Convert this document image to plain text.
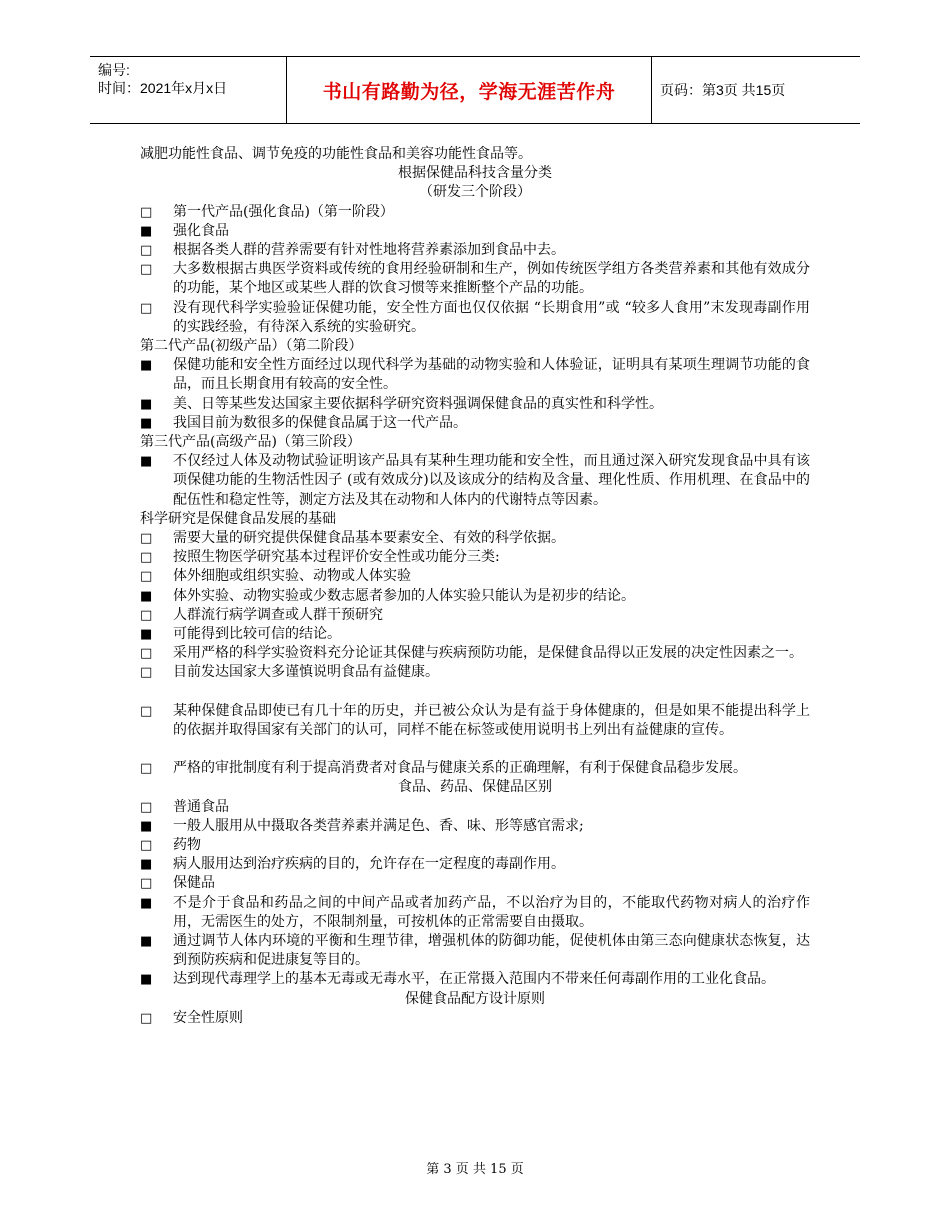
编号:
时间：2021年x月x日	书山有路勤为径，学海无涯苦作舟	页码：第3页 共15页
减肥功能性食品、调节免疫的功能性食品和美容功能性食品等。
根据保健品科技含量分类
（研发三个阶段）
□ 第一代产品(强化食品)（第一阶段）
■ 强化食品
□ 根据各类人群的营养需要有针对性地将营养素添加到食品中去。
□ 大多数根据古典医学资料或传统的食用经验研制和生产，例如传统医学组方各类营养素和其他有效成分的功能，某个地区或某些人群的饮食习惯等来推断整个产品的功能。
□ 没有现代科学实验验证保健功能，安全性方面也仅仅依据 “长期食用”或 “较多人食用”末发现毒副作用的实践经验，有待深入系统的实验研究。
第二代产品(初级产品）（第二阶段）
■ 保健功能和安全性方面经过以现代科学为基础的动物实验和人体验证，证明具有某项生理调节功能的食品，而且长期食用有较高的安全性。
■ 美、日等某些发达国家主要依据科学研究资料强调保健食品的真实性和科学性。
■ 我国目前为数很多的保健食品属于这一代产品。
第三代产品(高级产品)（第三阶段）
■ 不仅经过人体及动物试验证明该产品具有某种生理功能和安全性，而且通过深入研究发现食品中具有该项保健功能的生物活性因子 (或有效成分)以及该成分的结构及含量、理化性质、作用机理、在食品中的配伍性和稳定性等，测定方法及其在动物和人体内的代谢特点等因素。
科学研究是保健食品发展的基础
□ 需要大量的研究提供保健食品基本要素安全、有效的科学依据。
□ 按照生物医学研究基本过程评价安全性或功能分三类:
□ 体外细胞或组织实验、动物或人体实验
■ 体外实验、动物实验或少数志愿者参加的人体实验只能认为是初步的结论。
□ 人群流行病学调查或人群干预研究
■ 可能得到比较可信的结论。
□ 采用严格的科学实验资料充分论证其保健与疾病预防功能，是保健食品得以正发展的决定性因素之一。
□ 目前发达国家大多谨慎说明食品有益健康。
□ 某种保健食品即使已有几十年的历史，并已被公众认为是有益于身体健康的，但是如果不能提出科学上的依据并取得国家有关部门的认可，同样不能在标签或使用说明书上列出有益健康的宣传。
□ 严格的审批制度有利于提高消费者对食品与健康关系的正确理解，有利于保健食品稳步发展。
食品、药品、保健品区别
□ 普通食品
■ 一般人服用从中摄取各类营养素并满足色、香、味、形等感官需求;
□ 药物
■ 病人服用达到治疗疾病的目的，允许存在一定程度的毒副作用。
□ 保健品
■ 不是介于食品和药品之间的中间产品或者加药产品，不以治疗为目的，不能取代药物对病人的治疗作用，无需医生的处方，不限制剂量，可按机体的正常需要自由摄取。
■ 通过调节人体内环境的平衡和生理节律，增强机体的防御功能，促使机体由第三态向健康状态恢复，达到预防疾病和促进康复等目的。
■ 达到现代毒理学上的基本无毒或无毒水平，在正常摄入范围内不带来任何毒副作用的工业化食品。
保健食品配方设计原则
□ 安全性原则
第 3 页 共 15 页
